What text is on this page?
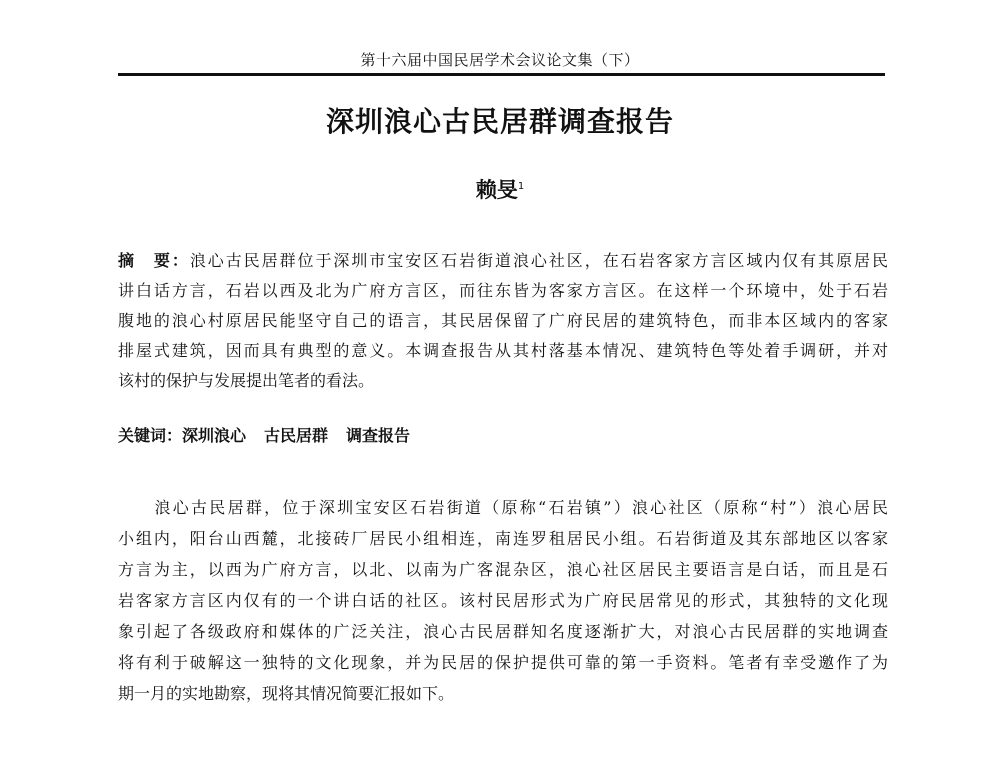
第十六届中国民居学术会议论文集（下）
深圳浪心古民居群调查报告
赖旻$^1$
摘　要：浪心古民居群位于深圳市宝安区石岩街道浪心社区，在石岩客家方言区域内仅有其原居民
讲白话方言，石岩以西及北为广府方言区，而往东皆为客家方言区。在这样一个环境中，处于石岩
腹地的浪心村原居民能坚守自己的语言，其民居保留了广府民居的建筑特色，而非本区域内的客家
排屋式建筑，因而具有典型的意义。本调查报告从其村落基本情况、建筑特色等处着手调研，并对
该村的保护与发展提出笔者的看法。
关键词：深圳浪心 古民居群 调查报告
　　浪心古民居群，位于深圳宝安区石岩街道（原称“石岩镇”）浪心社区（原称“村”）浪心居民
小组内，阳台山西麓，北接砖厂居民小组相连，南连罗租居民小组。石岩街道及其东部地区以客家
方言为主，以西为广府方言，以北、以南为广客混杂区，浪心社区居民主要语言是白话，而且是石
岩客家方言区内仅有的一个讲白话的社区。该村民居形式为广府民居常见的形式，其独特的文化现
象引起了各级政府和媒体的广泛关注，浪心古民居群知名度逐渐扩大，对浪心古民居群的实地调查
将有利于破解这一独特的文化现象，并为民居的保护提供可靠的第一手资料。笔者有幸受邀作了为
期一月的实地勘察，现将其情况简要汇报如下。
